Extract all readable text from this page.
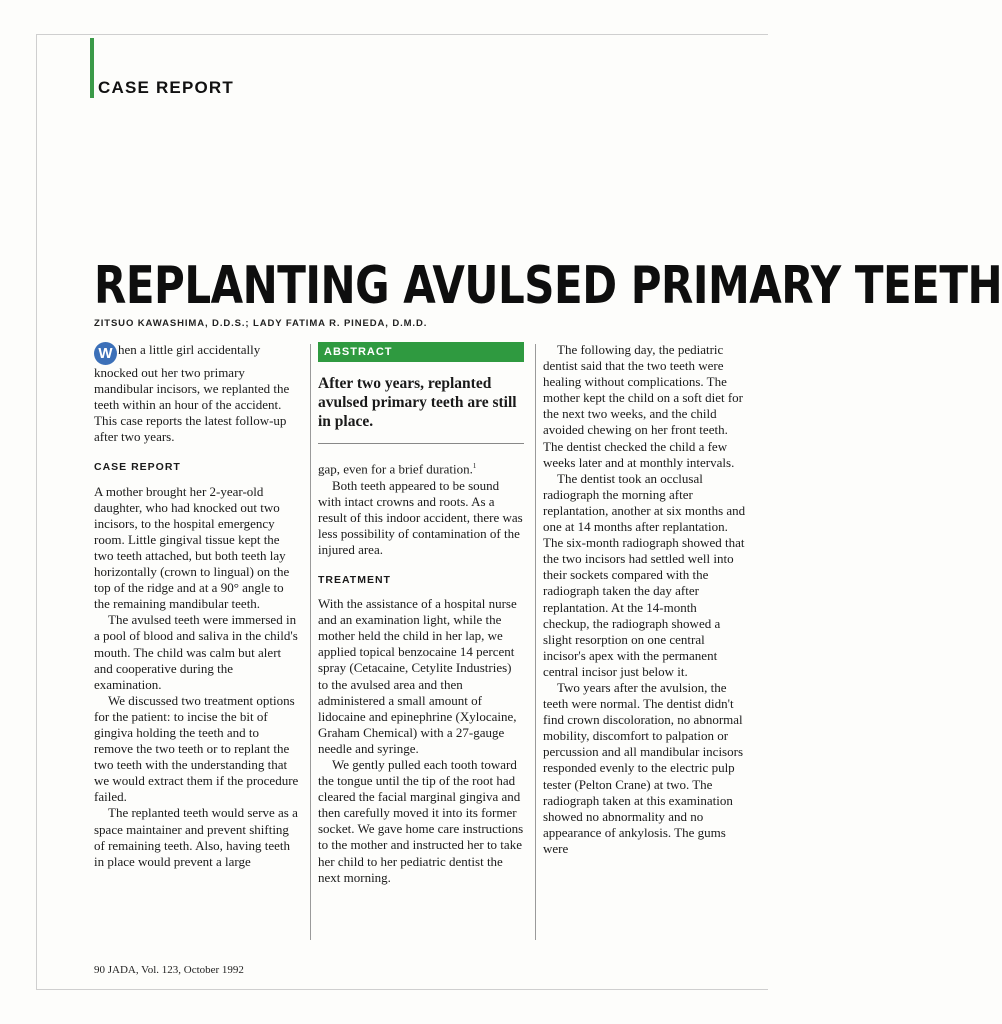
CASE REPORT
REPLANTING AVULSED PRIMARY TEETH
ZITSUO KAWASHIMA, D.D.S.; LADY FATIMA R. PINEDA, D.M.D.

W hen a little girl accidentally knocked out her two primary mandibular incisors, we replanted the teeth within an hour of the accident. This case reports the latest follow-up after two years.

CASE REPORT

A mother brought her 2-year-old daughter, who had knocked out two incisors, to the hospital emergency room. Little gingival tissue kept the two teeth attached, but both teeth lay horizontally (crown to lingual) on the top of the ridge and at a 90° angle to the remaining mandibular teeth.

The avulsed teeth were immersed in a pool of blood and saliva in the child's mouth. The child was calm but alert and cooperative during the examination.

We discussed two treatment options for the patient: to incise the bit of gingiva holding the teeth and to remove the two teeth or to replant the two teeth with the understanding that we would extract them if the procedure failed.

The replanted teeth would serve as a space maintainer and prevent shifting of remaining teeth. Also, having teeth in place would prevent a large

ABSTRACT
After two years, replanted avulsed primary teeth are still in place.

gap, even for a brief duration.$^1$

Both teeth appeared to be sound with intact crowns and roots. As a result of this indoor accident, there was less possibility of contamination of the injured area.

TREATMENT

With the assistance of a hospital nurse and an examination light, while the mother held the child in her lap, we applied topical benzocaine 14 percent spray (Cetacaine, Cetylite Industries) to the avulsed area and then administered a small amount of lidocaine and epinephrine (Xylocaine, Graham Chemical) with a 27-gauge needle and syringe.

We gently pulled each tooth toward the tongue until the tip of the root had cleared the facial marginal gingiva and then carefully moved it into its former socket. We gave home care instructions to the mother and instructed her to take her child to her pediatric dentist the next morning.

The following day, the pediatric dentist said that the two teeth were healing without complications. The mother kept the child on a soft diet for the next two weeks, and the child avoided chewing on her front teeth. The dentist checked the child a few weeks later and at monthly intervals.

The dentist took an occlusal radiograph the morning after replantation, another at six months and one at 14 months after replantation. The six-month radiograph showed that the two incisors had settled well into their sockets compared with the radiograph taken the day after replantation. At the 14-month checkup, the radiograph showed a slight resorption on one central incisor's apex with the permanent central incisor just below it.

Two years after the avulsion, the teeth were normal. The dentist didn't find crown discoloration, no abnormal mobility, discomfort to palpation or percussion and all mandibular incisors responded evenly to the electric pulp tester (Pelton Crane) at two. The radiograph taken at this examination showed no abnormality and no appearance of ankylosis. The gums were

90 JADA, Vol. 123, October 1992
